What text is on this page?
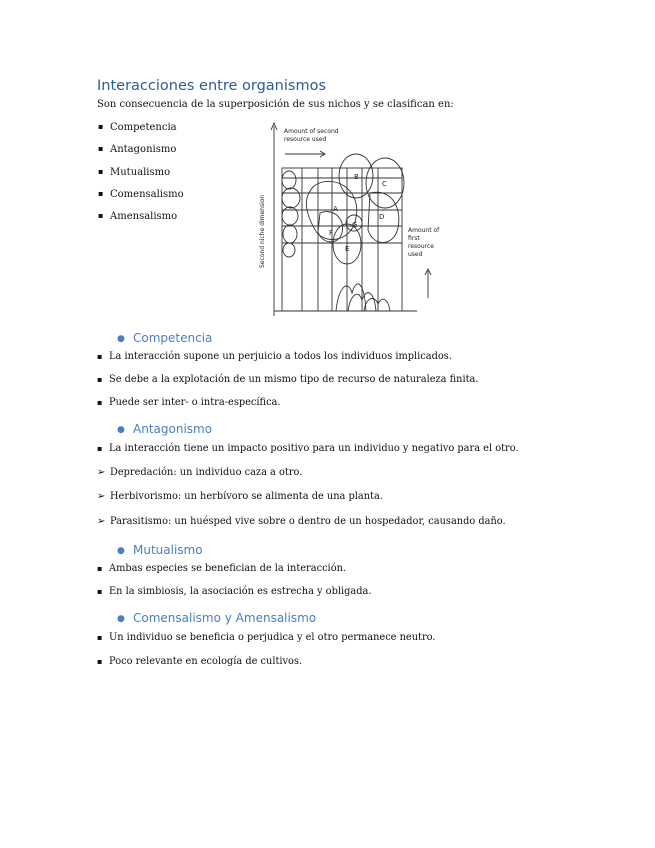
Interacciones entre organismos
Son consecuencia de la superposición de sus nichos y se clasifican en:
▪ Competencia
▪ Antagonismo
▪ Mutualismo
▪ Comensalismo
▪ Amensalismo
Amount of second
resource used
Second niche dimension	Amount of
first
resource
used
A
B
C
D
E
F
G
● Competencia
▪ La interacción supone un perjuicio a todos los individuos implicados.
▪ Se debe a la explotación de un mismo tipo de recurso de naturaleza finita.
▪ Puede ser inter- o intra-específica.
● Antagonismo
▪ La interacción tiene un impacto positivo para un individuo y negativo para el otro.
➢ Depredación: un individuo caza a otro.
➢ Herbivorismo: un herbívoro se alimenta de una planta.
➢ Parasitismo: un huésped vive sobre o dentro de un hospedador, causando daño.
● Mutualismo
▪ Ambas especies se benefician de la interacción.
▪ En la simbiosis, la asociación es estrecha y obligada.
● Comensalismo y Amensalismo
▪ Un individuo se beneficia o perjudica y el otro permanece neutro.
▪ Poco relevante en ecología de cultivos.
